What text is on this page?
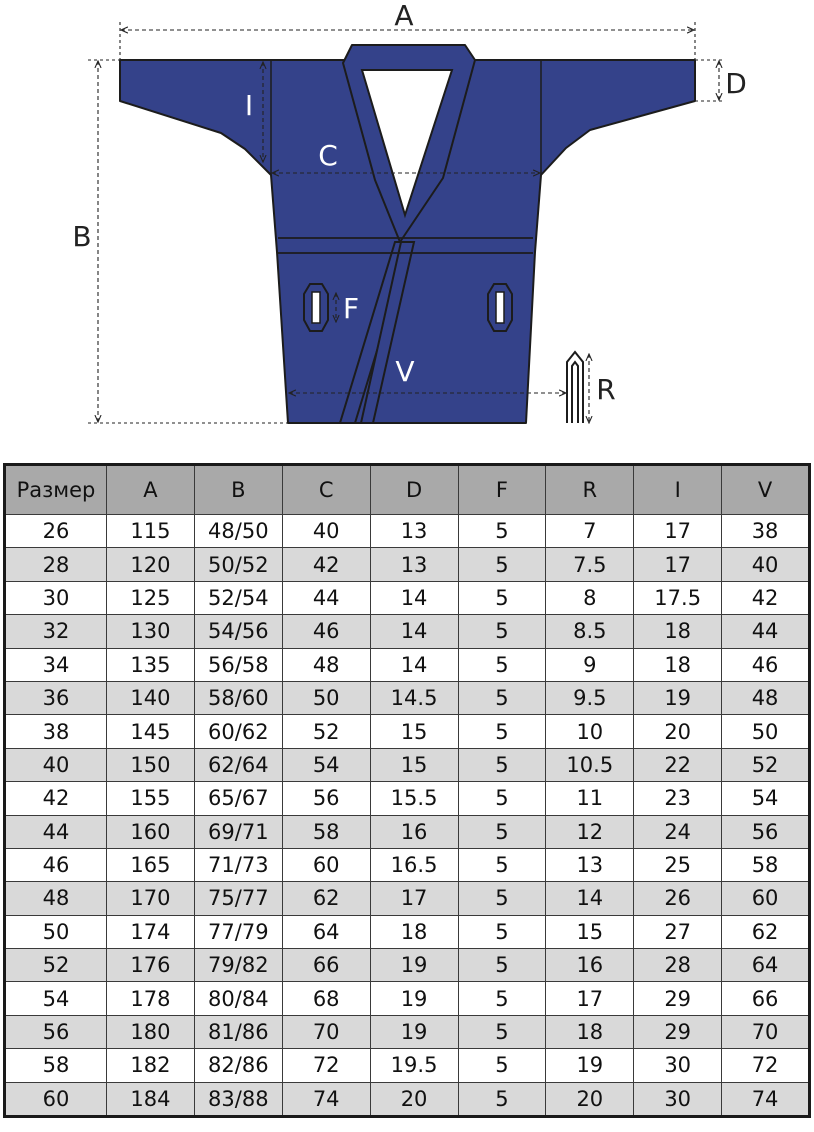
A
B
C
D
I
F
V
R
Размер	A	B	C	D	F	R	I	V
26	115	48/50	40	13	5	7	17	38
28	120	50/52	42	13	5	7.5	17	40
30	125	52/54	44	14	5	8	17.5	42
32	130	54/56	46	14	5	8.5	18	44
34	135	56/58	48	14	5	9	18	46
36	140	58/60	50	14.5	5	9.5	19	48
38	145	60/62	52	15	5	10	20	50
40	150	62/64	54	15	5	10.5	22	52
42	155	65/67	56	15.5	5	11	23	54
44	160	69/71	58	16	5	12	24	56
46	165	71/73	60	16.5	5	13	25	58
48	170	75/77	62	17	5	14	26	60
50	174	77/79	64	18	5	15	27	62
52	176	79/82	66	19	5	16	28	64
54	178	80/84	68	19	5	17	29	66
56	180	81/86	70	19	5	18	29	70
58	182	82/86	72	19.5	5	19	30	72
60	184	83/88	74	20	5	20	30	74
